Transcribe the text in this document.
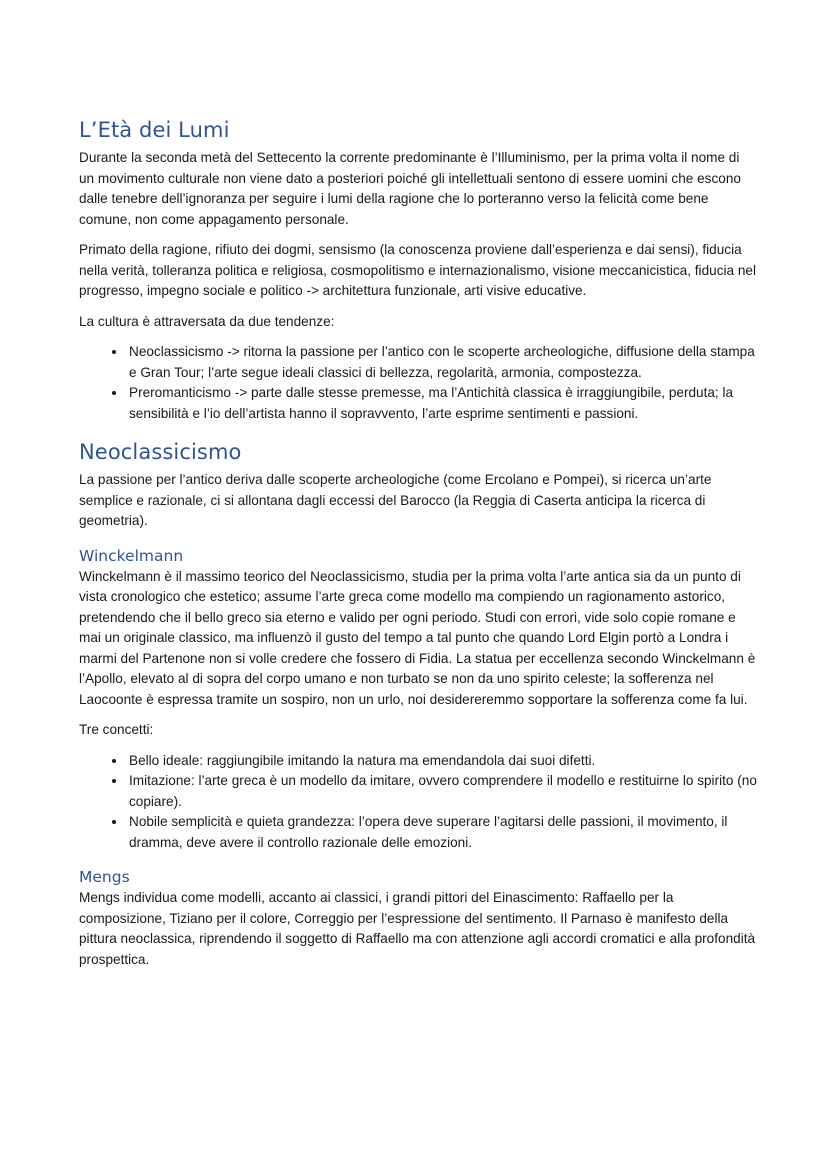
L’Età dei Lumi

Durante la seconda metà del Settecento la corrente predominante è l’Illuminismo, per la prima volta il nome di un movimento culturale non viene dato a posteriori poiché gli intellettuali sentono di essere uomini che escono dalle tenebre dell’ignoranza per seguire i lumi della ragione che lo porteranno verso la felicità come bene comune, non come appagamento personale.

Primato della ragione, rifiuto dei dogmi, sensismo (la conoscenza proviene dall’esperienza e dai sensi), fiducia nella verità, tolleranza politica e religiosa, cosmopolitismo e internazionalismo, visione meccanicistica, fiducia nel progresso, impegno sociale e politico -> architettura funzionale, arti visive educative.

La cultura è attraversata da due tendenze:

• Neoclassicismo -> ritorna la passione per l’antico con le scoperte archeologiche, diffusione della stampa e Gran Tour; l’arte segue ideali classici di bellezza, regolarità, armonia, compostezza.
• Preromanticismo -> parte dalle stesse premesse, ma l’Antichità classica è irraggiungibile, perduta; la sensibilità e l’io dell’artista hanno il sopravvento, l’arte esprime sentimenti e passioni.
Neoclassicismo

La passione per l’antico deriva dalle scoperte archeologiche (come Ercolano e Pompei), si ricerca un’arte semplice e razionale, ci si allontana dagli eccessi del Barocco (la Reggia di Caserta anticipa la ricerca di geometria).

Winckelmann

Winckelmann è il massimo teorico del Neoclassicismo, studia per la prima volta l’arte antica sia da un punto di vista cronologico che estetico; assume l’arte greca come modello ma compiendo un ragionamento astorico, pretendendo che il bello greco sia eterno e valido per ogni periodo. Studi con errori, vide solo copie romane e mai un originale classico, ma influenzò il gusto del tempo a tal punto che quando Lord Elgin portò a Londra i marmi del Partenone non si volle credere che fossero di Fidia. La statua per eccellenza secondo Winckelmann è l’Apollo, elevato al di sopra del corpo umano e non turbato se non da uno spirito celeste; la sofferenza nel Laocoonte è espressa tramite un sospiro, non un urlo, noi desidereremmo sopportare la sofferenza come fa lui.

Tre concetti:

• Bello ideale: raggiungibile imitando la natura ma emendandola dai suoi difetti.
• Imitazione: l’arte greca è un modello da imitare, ovvero comprendere il modello e restituirne lo spirito (no copiare).
• Nobile semplicità e quieta grandezza: l’opera deve superare l’agitarsi delle passioni, il movimento, il dramma, deve avere il controllo razionale delle emozioni.
Mengs

Mengs individua come modelli, accanto ai classici, i grandi pittori del Einascimento: Raffaello per la composizione, Tiziano per il colore, Correggio per l’espressione del sentimento. Il Parnaso è manifesto della pittura neoclassica, riprendendo il soggetto di Raffaello ma con attenzione agli accordi cromatici e alla profondità prospettica.
